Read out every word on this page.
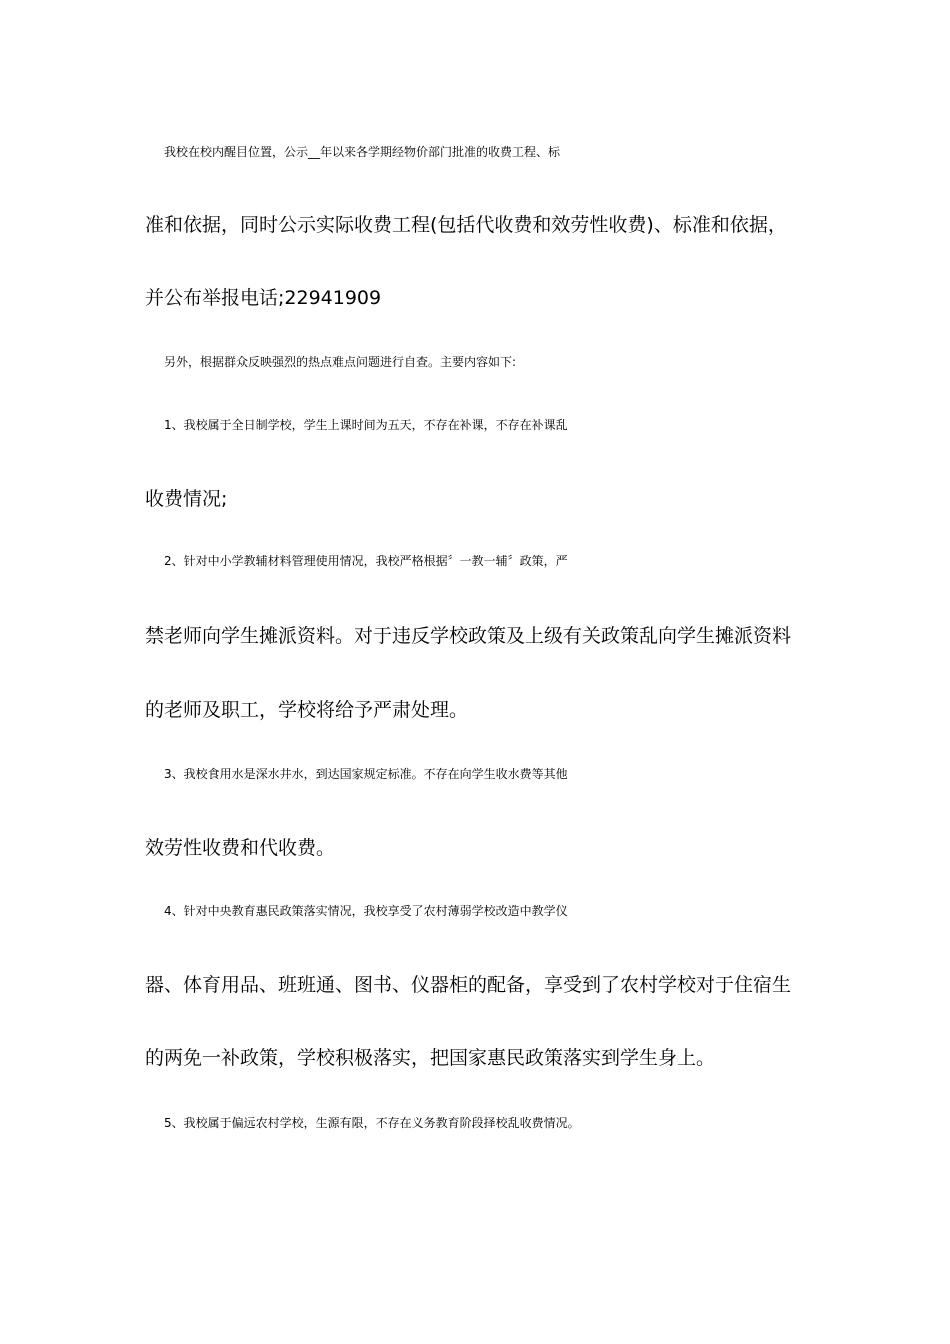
我校在校内醒目位置，公示__年以来各学期经物价部门批准的收费工程、标
准和依据，同时公示实际收费工程(包括代收费和效劳性收费)、标准和依据，
并公布举报电话;22941909
另外，根据群众反映强烈的热点难点问题进行自查。主要内容如下:
1、我校属于全日制学校，学生上课时间为五天，不存在补课，不存在补课乱
收费情况;
2、针对中小学教辅材料管理使用情况，我校严格根据〞一教一辅〞政策，严
禁老师向学生摊派资料。对于违反学校政策及上级有关政策乱向学生摊派资料
的老师及职工，学校将给予严肃处理。
3、我校食用水是深水井水，到达国家规定标准。不存在向学生收水费等其他
效劳性收费和代收费。
4、针对中央教育惠民政策落实情况，我校享受了农村薄弱学校改造中教学仪
器、体育用品、班班通、图书、仪器柜的配备，享受到了农村学校对于住宿生
的两免一补政策，学校积极落实，把国家惠民政策落实到学生身上。
5、我校属于偏远农村学校，生源有限，不存在义务教育阶段择校乱收费情况。
